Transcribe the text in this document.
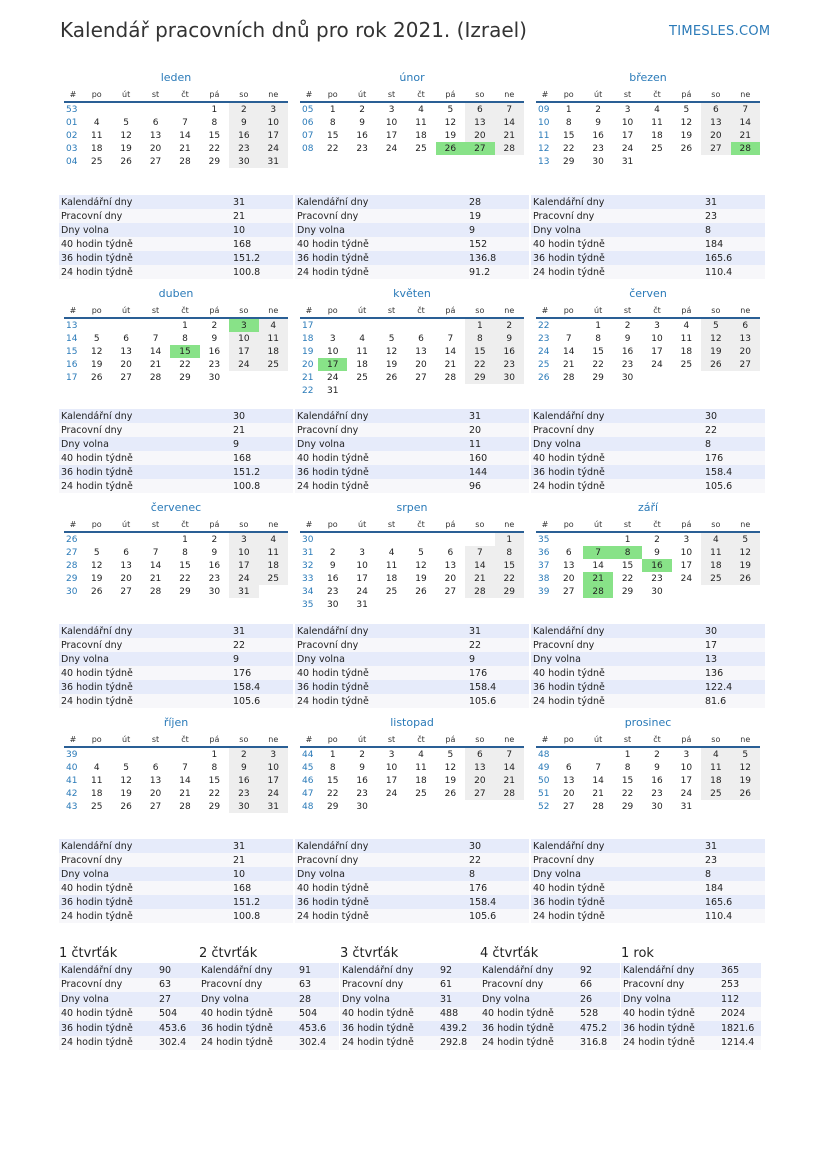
Kalendář pracovních dnů pro rok 2021. (Izrael)	TIMESLES.COM
leden
#	po	út	st	čt	pá	so	ne
53					1	2	3
01	4	5	6	7	8	9	10
02	11	12	13	14	15	16	17
03	18	19	20	21	22	23	24
04	25	26	27	28	29	30	31
Kalendářní dny	31
Pracovní dny	21
Dny volna	10
40 hodin týdně	168
36 hodin týdně	151.2
24 hodin týdně	100.8
únor
#	po	út	st	čt	pá	so	ne
05	1	2	3	4	5	6	7
06	8	9	10	11	12	13	14
07	15	16	17	18	19	20	21
08	22	23	24	25	26	27	28
Kalendářní dny	28
Pracovní dny	19
Dny volna	9
40 hodin týdně	152
36 hodin týdně	136.8
24 hodin týdně	91.2
březen
#	po	út	st	čt	pá	so	ne
09	1	2	3	4	5	6	7
10	8	9	10	11	12	13	14
11	15	16	17	18	19	20	21
12	22	23	24	25	26	27	28
13	29	30	31				
Kalendářní dny	31
Pracovní dny	23
Dny volna	8
40 hodin týdně	184
36 hodin týdně	165.6
24 hodin týdně	110.4
duben
#	po	út	st	čt	pá	so	ne
13				1	2	3	4
14	5	6	7	8	9	10	11
15	12	13	14	15	16	17	18
16	19	20	21	22	23	24	25
17	26	27	28	29	30		
Kalendářní dny	30
Pracovní dny	21
Dny volna	9
40 hodin týdně	168
36 hodin týdně	151.2
24 hodin týdně	100.8
květen
#	po	út	st	čt	pá	so	ne
17						1	2
18	3	4	5	6	7	8	9
19	10	11	12	13	14	15	16
20	17	18	19	20	21	22	23
21	24	25	26	27	28	29	30
22	31						
Kalendářní dny	31
Pracovní dny	20
Dny volna	11
40 hodin týdně	160
36 hodin týdně	144
24 hodin týdně	96
červen
#	po	út	st	čt	pá	so	ne
22		1	2	3	4	5	6
23	7	8	9	10	11	12	13
24	14	15	16	17	18	19	20
25	21	22	23	24	25	26	27
26	28	29	30				
Kalendářní dny	30
Pracovní dny	22
Dny volna	8
40 hodin týdně	176
36 hodin týdně	158.4
24 hodin týdně	105.6
červenec
#	po	út	st	čt	pá	so	ne
26				1	2	3	4
27	5	6	7	8	9	10	11
28	12	13	14	15	16	17	18
29	19	20	21	22	23	24	25
30	26	27	28	29	30	31	
Kalendářní dny	31
Pracovní dny	22
Dny volna	9
40 hodin týdně	176
36 hodin týdně	158.4
24 hodin týdně	105.6
srpen
#	po	út	st	čt	pá	so	ne
30							1
31	2	3	4	5	6	7	8
32	9	10	11	12	13	14	15
33	16	17	18	19	20	21	22
34	23	24	25	26	27	28	29
35	30	31					
Kalendářní dny	31
Pracovní dny	22
Dny volna	9
40 hodin týdně	176
36 hodin týdně	158.4
24 hodin týdně	105.6
září
#	po	út	st	čt	pá	so	ne
35			1	2	3	4	5
36	6	7	8	9	10	11	12
37	13	14	15	16	17	18	19
38	20	21	22	23	24	25	26
39	27	28	29	30			
Kalendářní dny	30
Pracovní dny	17
Dny volna	13
40 hodin týdně	136
36 hodin týdně	122.4
24 hodin týdně	81.6
říjen
#	po	út	st	čt	pá	so	ne
39					1	2	3
40	4	5	6	7	8	9	10
41	11	12	13	14	15	16	17
42	18	19	20	21	22	23	24
43	25	26	27	28	29	30	31
Kalendářní dny	31
Pracovní dny	21
Dny volna	10
40 hodin týdně	168
36 hodin týdně	151.2
24 hodin týdně	100.8
listopad
#	po	út	st	čt	pá	so	ne
44	1	2	3	4	5	6	7
45	8	9	10	11	12	13	14
46	15	16	17	18	19	20	21
47	22	23	24	25	26	27	28
48	29	30					
Kalendářní dny	30
Pracovní dny	22
Dny volna	8
40 hodin týdně	176
36 hodin týdně	158.4
24 hodin týdně	105.6
prosinec
#	po	út	st	čt	pá	so	ne
48			1	2	3	4	5
49	6	7	8	9	10	11	12
50	13	14	15	16	17	18	19
51	20	21	22	23	24	25	26
52	27	28	29	30	31		
Kalendářní dny	31
Pracovní dny	23
Dny volna	8
40 hodin týdně	184
36 hodin týdně	165.6
24 hodin týdně	110.4
1 čtvrťák
Kalendářní dny	90
Pracovní dny	63
Dny volna	27
40 hodin týdně	504
36 hodin týdně	453.6
24 hodin týdně	302.4
2 čtvrťák
Kalendářní dny	91
Pracovní dny	63
Dny volna	28
40 hodin týdně	504
36 hodin týdně	453.6
24 hodin týdně	302.4
3 čtvrťák
Kalendářní dny	92
Pracovní dny	61
Dny volna	31
40 hodin týdně	488
36 hodin týdně	439.2
24 hodin týdně	292.8
4 čtvrťák
Kalendářní dny	92
Pracovní dny	66
Dny volna	26
40 hodin týdně	528
36 hodin týdně	475.2
24 hodin týdně	316.8
1 rok
Kalendářní dny	365
Pracovní dny	253
Dny volna	112
40 hodin týdně	2024
36 hodin týdně	1821.6
24 hodin týdně	1214.4
